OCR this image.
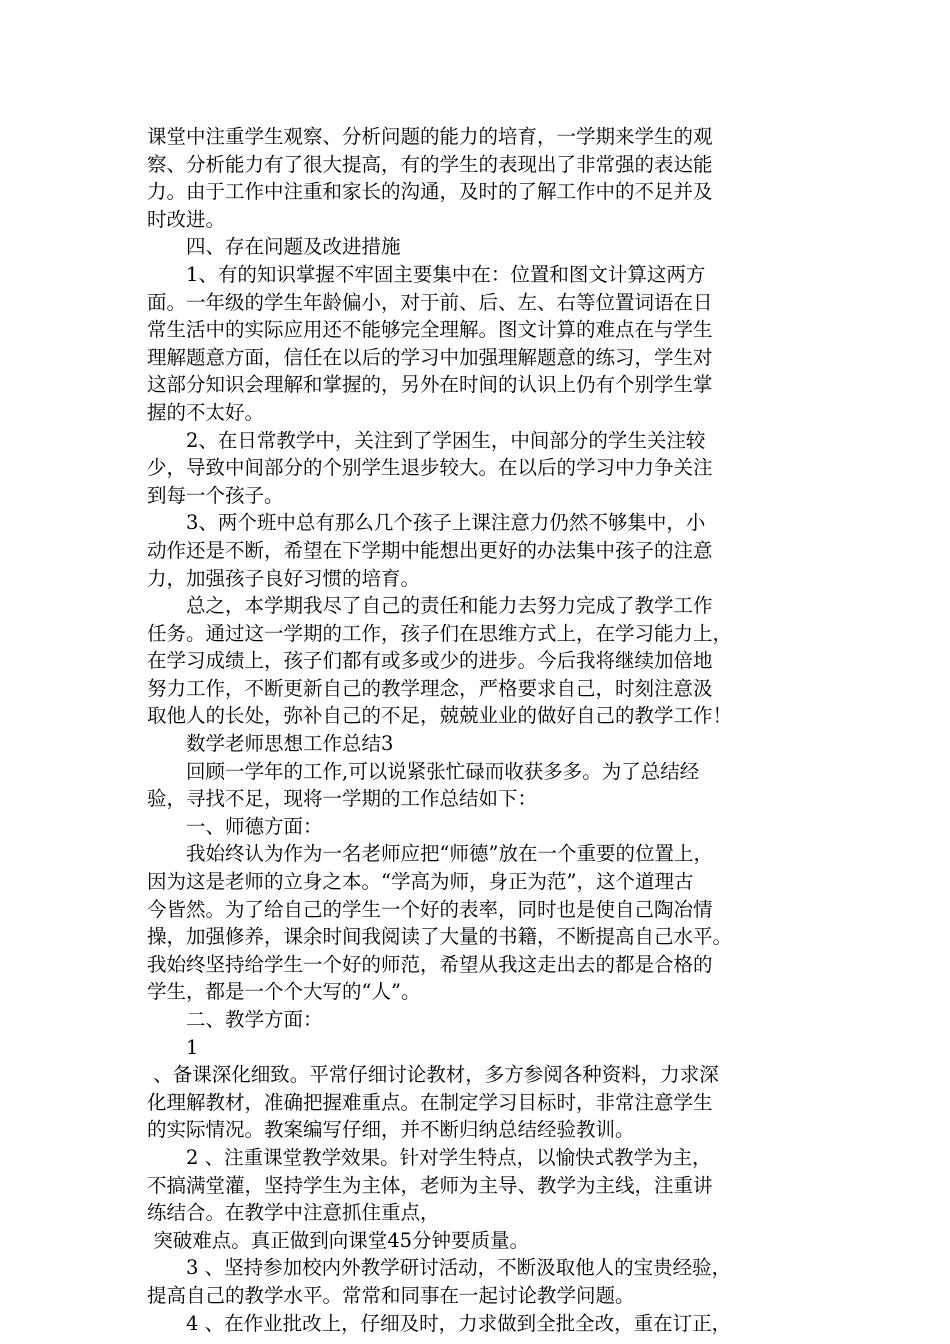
课堂中注重学生观察、分析问题的能力的培育，一学期来学生的观
察、分析能力有了很大提高，有的学生的表现出了非常强的表达能
力。由于工作中注重和家长的沟通，及时的了解工作中的不足并及
时改进。
　　四、存在问题及改进措施
　　1、有的知识掌握不牢固主要集中在：位置和图文计算这两方
面。一年级的学生年龄偏小，对于前、后、左、右等位置词语在日
常生活中的实际应用还不能够完全理解。图文计算的难点在与学生
理解题意方面，信任在以后的学习中加强理解题意的练习，学生对
这部分知识会理解和掌握的，另外在时间的认识上仍有个别学生掌
握的不太好。
　　2、在日常教学中，关注到了学困生，中间部分的学生关注较
少，导致中间部分的个别学生退步较大。在以后的学习中力争关注
到每一个孩子。
　　3、两个班中总有那么几个孩子上课注意力仍然不够集中，小
动作还是不断，希望在下学期中能想出更好的办法集中孩子的注意
力，加强孩子良好习惯的培育。
　　总之，本学期我尽了自己的责任和能力去努力完成了教学工作
任务。通过这一学期的工作，孩子们在思维方式上，在学习能力上，
在学习成绩上，孩子们都有或多或少的进步。今后我将继续加倍地
努力工作，不断更新自己的教学理念，严格要求自己，时刻注意汲
取他人的长处，弥补自己的不足，兢兢业业的做好自己的教学工作！
　　数学老师思想工作总结3
　　回顾一学年的工作,可以说紧张忙碌而收获多多。为了总结经
验，寻找不足，现将一学期的工作总结如下：
　　一、师德方面：
　　我始终认为作为一名老师应把“师德”放在一个重要的位置上，
因为这是老师的立身之本。“学高为师，身正为范”，这个道理古
今皆然。为了给自己的学生一个好的表率，同时也是使自己陶冶情
操，加强修养，课余时间我阅读了大量的书籍，不断提高自己水平。
我始终坚持给学生一个好的师范，希望从我这走出去的都是合格的
学生，都是一个个大写的“人”。
　　二、教学方面：
　　1
、备课深化细致。平常仔细讨论教材，多方参阅各种资料，力求深
化理解教材，准确把握难重点。在制定学习目标时，非常注意学生
的实际情况。教案编写仔细，并不断归纳总结经验教训。
　　2 、注重课堂教学效果。针对学生特点，以愉快式教学为主，
不搞满堂灌，坚持学生为主体，老师为主导、教学为主线，注重讲
练结合。在教学中注意抓住重点，
突破难点。真正做到向课堂45分钟要质量。
　　3 、坚持参加校内外教学研讨活动，不断汲取他人的宝贵经验，
提高自己的教学水平。常常和同事在一起讨论教学问题。
　　4 、在作业批改上，仔细及时，力求做到全批全改，重在订正，
